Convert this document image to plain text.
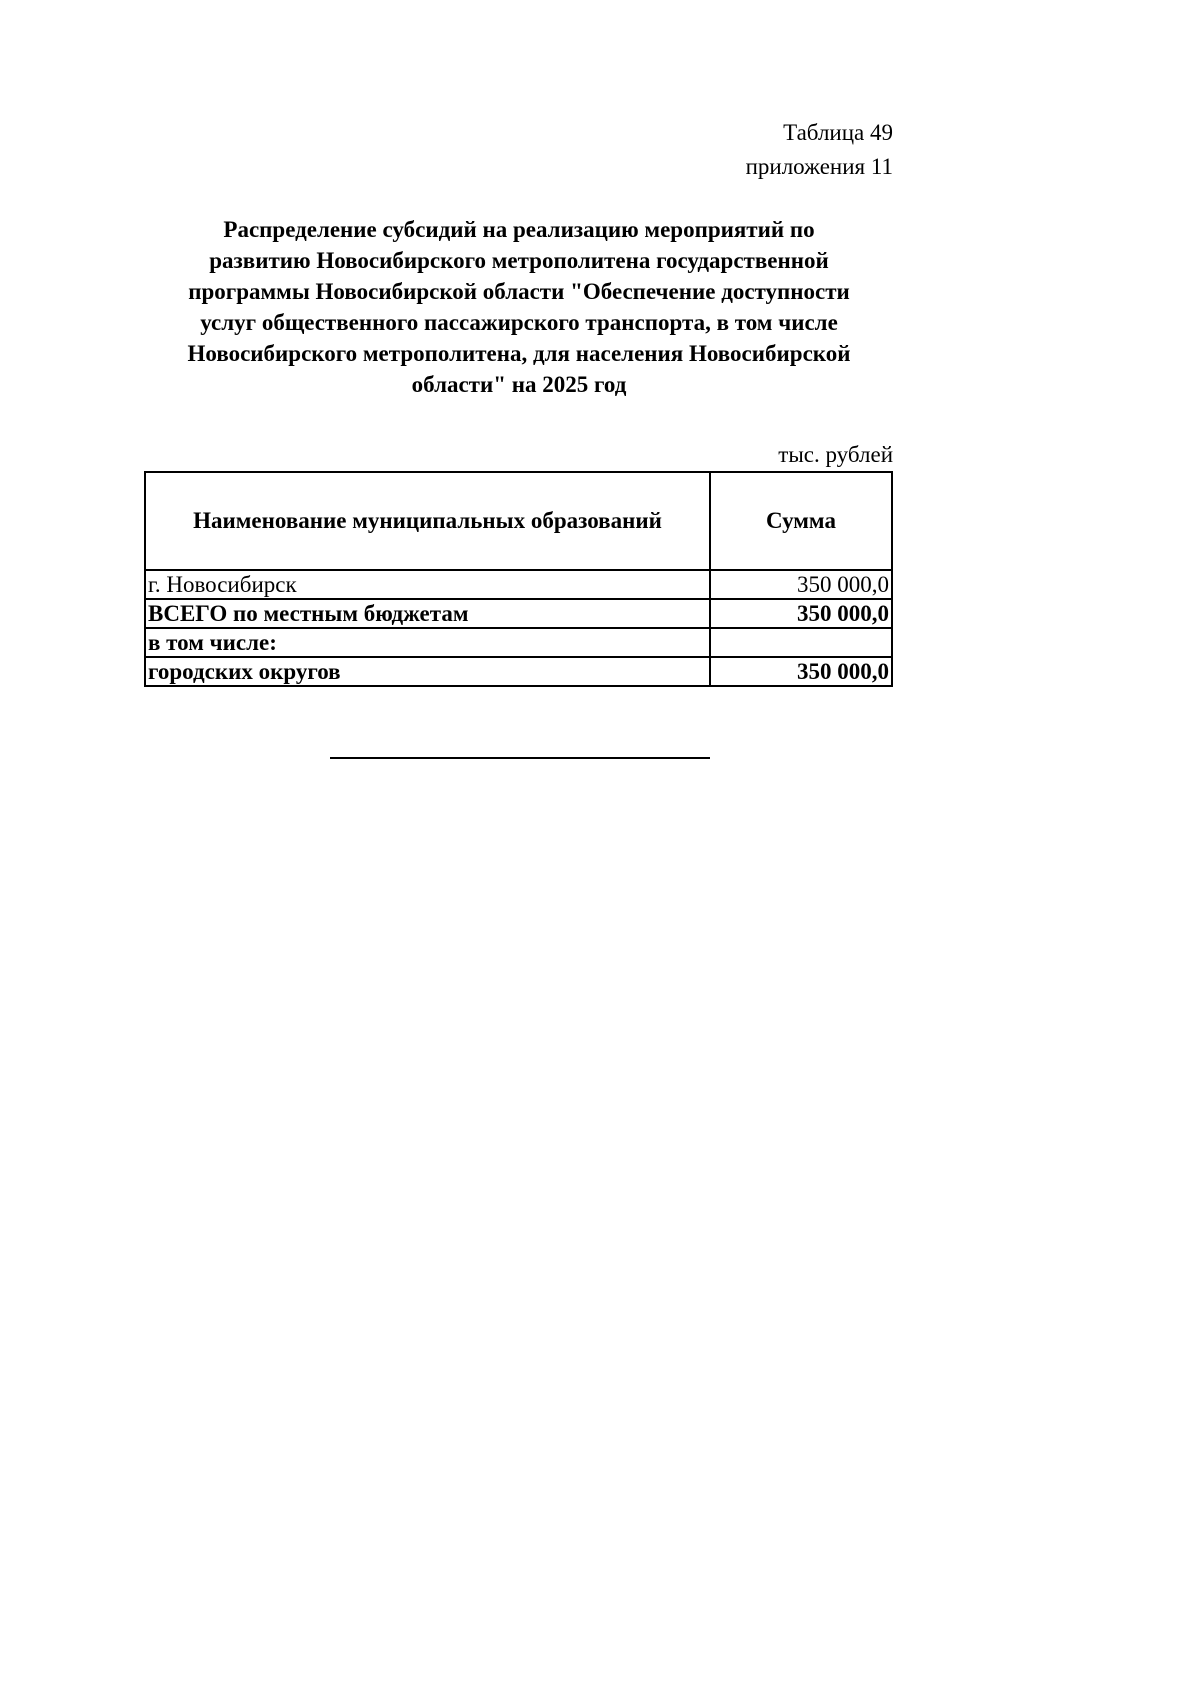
Таблица 49
приложения 11
Распределение субсидий на реализацию мероприятий по
развитию Новосибирского метрополитена государственной
программы Новосибирской области "Обеспечение доступности
услуг общественного пассажирского транспорта, в том числе
Новосибирского метрополитена, для населения Новосибирской
области" на 2025 год
тыс. рублей
Наименование муниципальных образований	Сумма
г. Новосибирск	350 000,0
ВСЕГО по местным бюджетам	350 000,0
в том числе:	
городских округов	350 000,0
